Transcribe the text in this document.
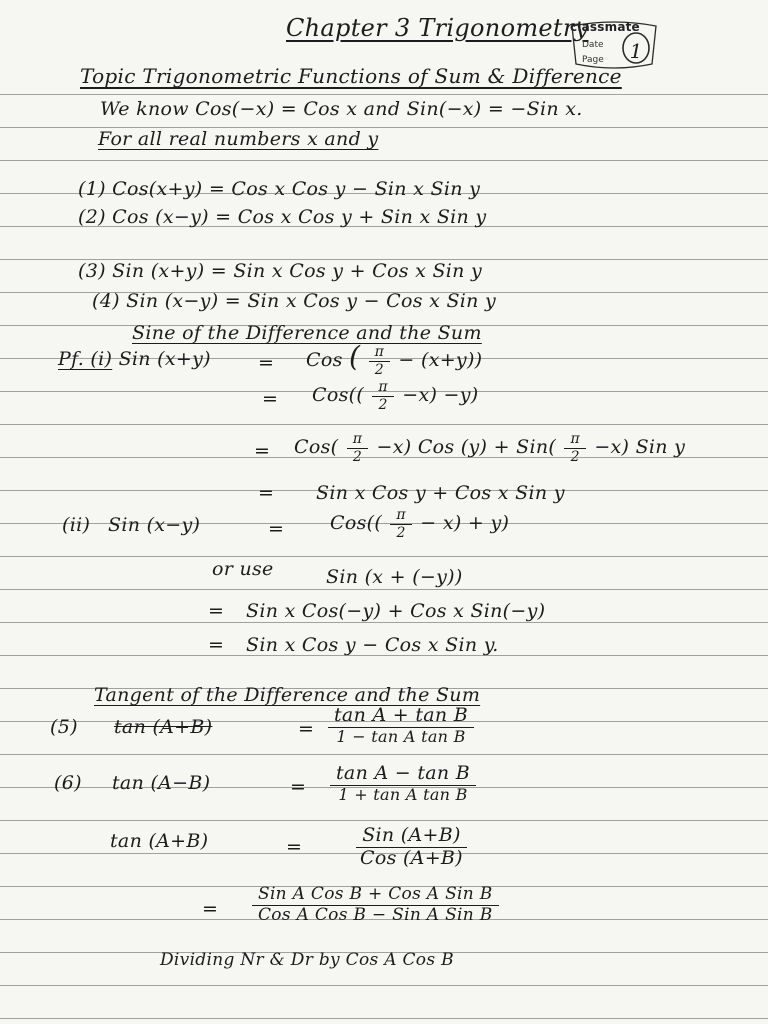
Chapter 3 Trigonometry
classmate
Date
Page	1
Topic Trigonometric Functions of Sum & Difference
We know Cos(−x) = Cos x and Sin(−x) = −Sin x.
For all real numbers x and y
(1) Cos(x+y) = Cos x Cos y − Sin x Sin y
(2) Cos (x−y) = Cos x Cos y + Sin x Sin y
(3) Sin (x+y) = Sin x Cos y + Cos x Sin y
(4) Sin (x−y) = Sin x Cos y − Cos x Sin y
Sine of the Difference and the Sum
Pf. (i) Sin (x+y) = Cos ( $\frac{\pi}{2} - (x+y)$)
= $Cos(( \frac{\pi}{2} -x) -y)$
= $Cos( \frac{\pi}{2} -x)$ Cos $(y) + Sin( \frac{\pi}{2} -x)$ Sin y
= Sin x Cos y + Cos x Sin y
(ii) Sin (x−y)	= $Cos(( \frac{\pi}{2} - x) + y)$
or use	Sin (x + (−y))
= Sin x Cos(−y) + Cos x Sin(−y)
= Sin x Cos y − Cos x Sin y.
Tangent of the Difference and the Sum
(5) tan (A+B)	= $\frac{\text{tan A + tan B}}{\text{1 − tan A tan B}}$
(6) tan (A−B)	= $\frac{\text{tan A − tan B}}{\text{1 + tan A tan B}}$
tan (A+B)	=	$\frac{\text{Sin (A+B)}}{\text{Cos (A+B)}}$
= $\frac{\text{Sin A Cos B + Cos A Sin B}}{\text{Cos A Cos B − Sin A Sin B}}$
Dividing Nr & Dr by Cos A Cos B
